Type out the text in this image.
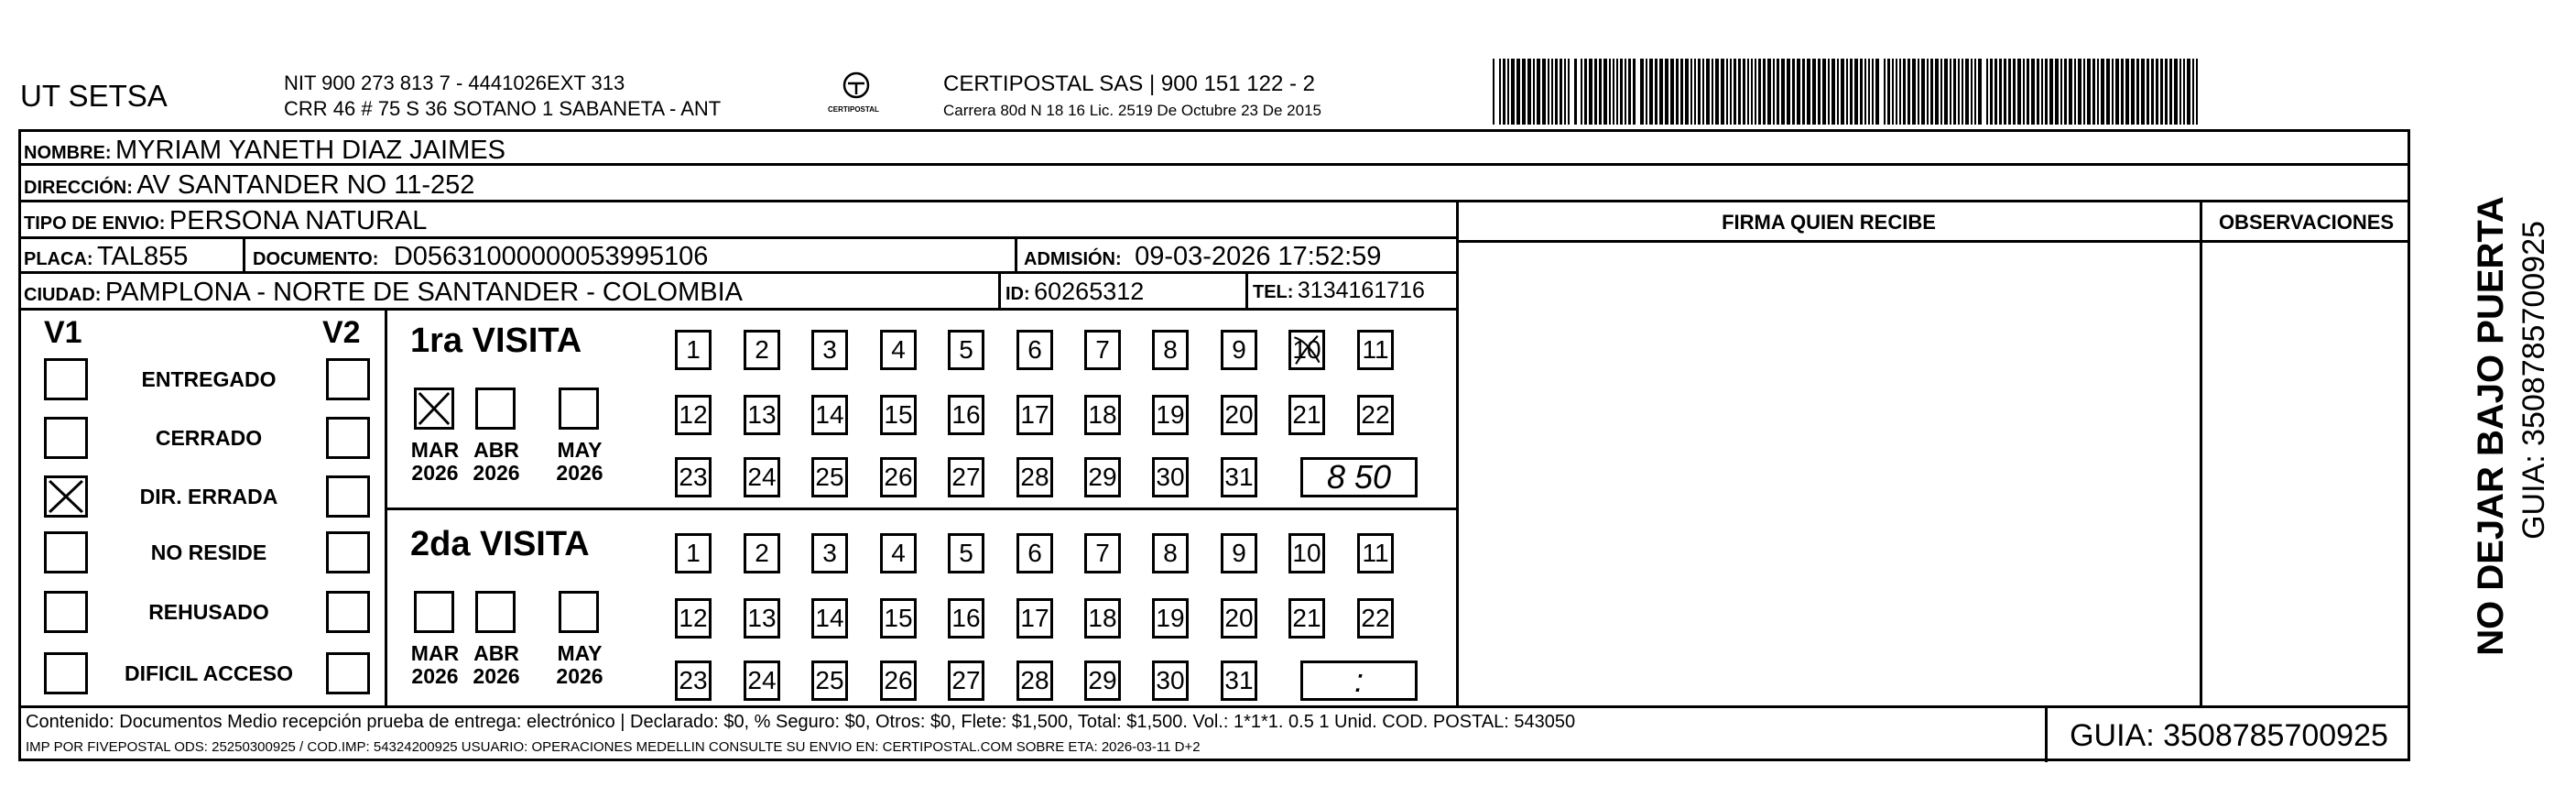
UT SETSA	NIT 900 273 813 7 - 4441026EXT 313
CRR 46 # 75 S 36 SOTANO 1 SABANETA - ANT	CERTIPOSTAL
CERTIPOSTAL SAS | 900 151 122 - 2
Carrera 80d N 18 16 Lic. 2519 De Octubre 23 De 2015
NOMBRE: MYRIAM YANETH DIAZ JAIMES
DIRECCIÓN: AV SANTANDER NO 11-252
TIPO DE ENVIO: PERSONA NATURAL
PLACA: TAL855	DOCUMENTO: D05631000000053995106	ADMISIÓN: 09-03-2026 17:52:59
CIUDAD: PAMPLONA - NORTE DE SANTANDER - COLOMBIA	ID: 60265312	TEL: 3134161716
FIRMA QUIEN RECIBE	OBSERVACIONES
V1	V2
ENTREGADO
CERRADO
DIR. ERRADA
NO RESIDE
REHUSADO
DIFICIL ACCESO
1ra VISITA
MAR 2026
ABR 2026
MAY 2026
1 2 3 4 5 6 7 8 9 10 11
12 13 14 15 16 17 18 19 20 21 22
23 24 25 26 27 28 29 30 31 8 50
2da VISITA
MAR 2026
ABR 2026
MAY 2026
1 2 3 4 5 6 7 8 9 10 11
12 13 14 15 16 17 18 19 20 21 22
23 24 25 26 27 28 29 30 31	:
Contenido: Documentos Medio recepción prueba de entrega: electrónico | Declarado: $0, % Seguro: $0, Otros: $0, Flete: $1,500, Total: $1,500. Vol.: 1*1*1. 0.5 1 Unid. COD. POSTAL: 543050
IMP POR FIVEPOSTAL ODS: 25250300925 / COD.IMP: 54324200925 USUARIO: OPERACIONES MEDELLIN CONSULTE SU ENVIO EN: CERTIPOSTAL.COM SOBRE ETA: 2026-03-11 D+2	GUIA: 3508785700925
NO DEJAR BAJO PUERTA GUIA: 3508785700925
